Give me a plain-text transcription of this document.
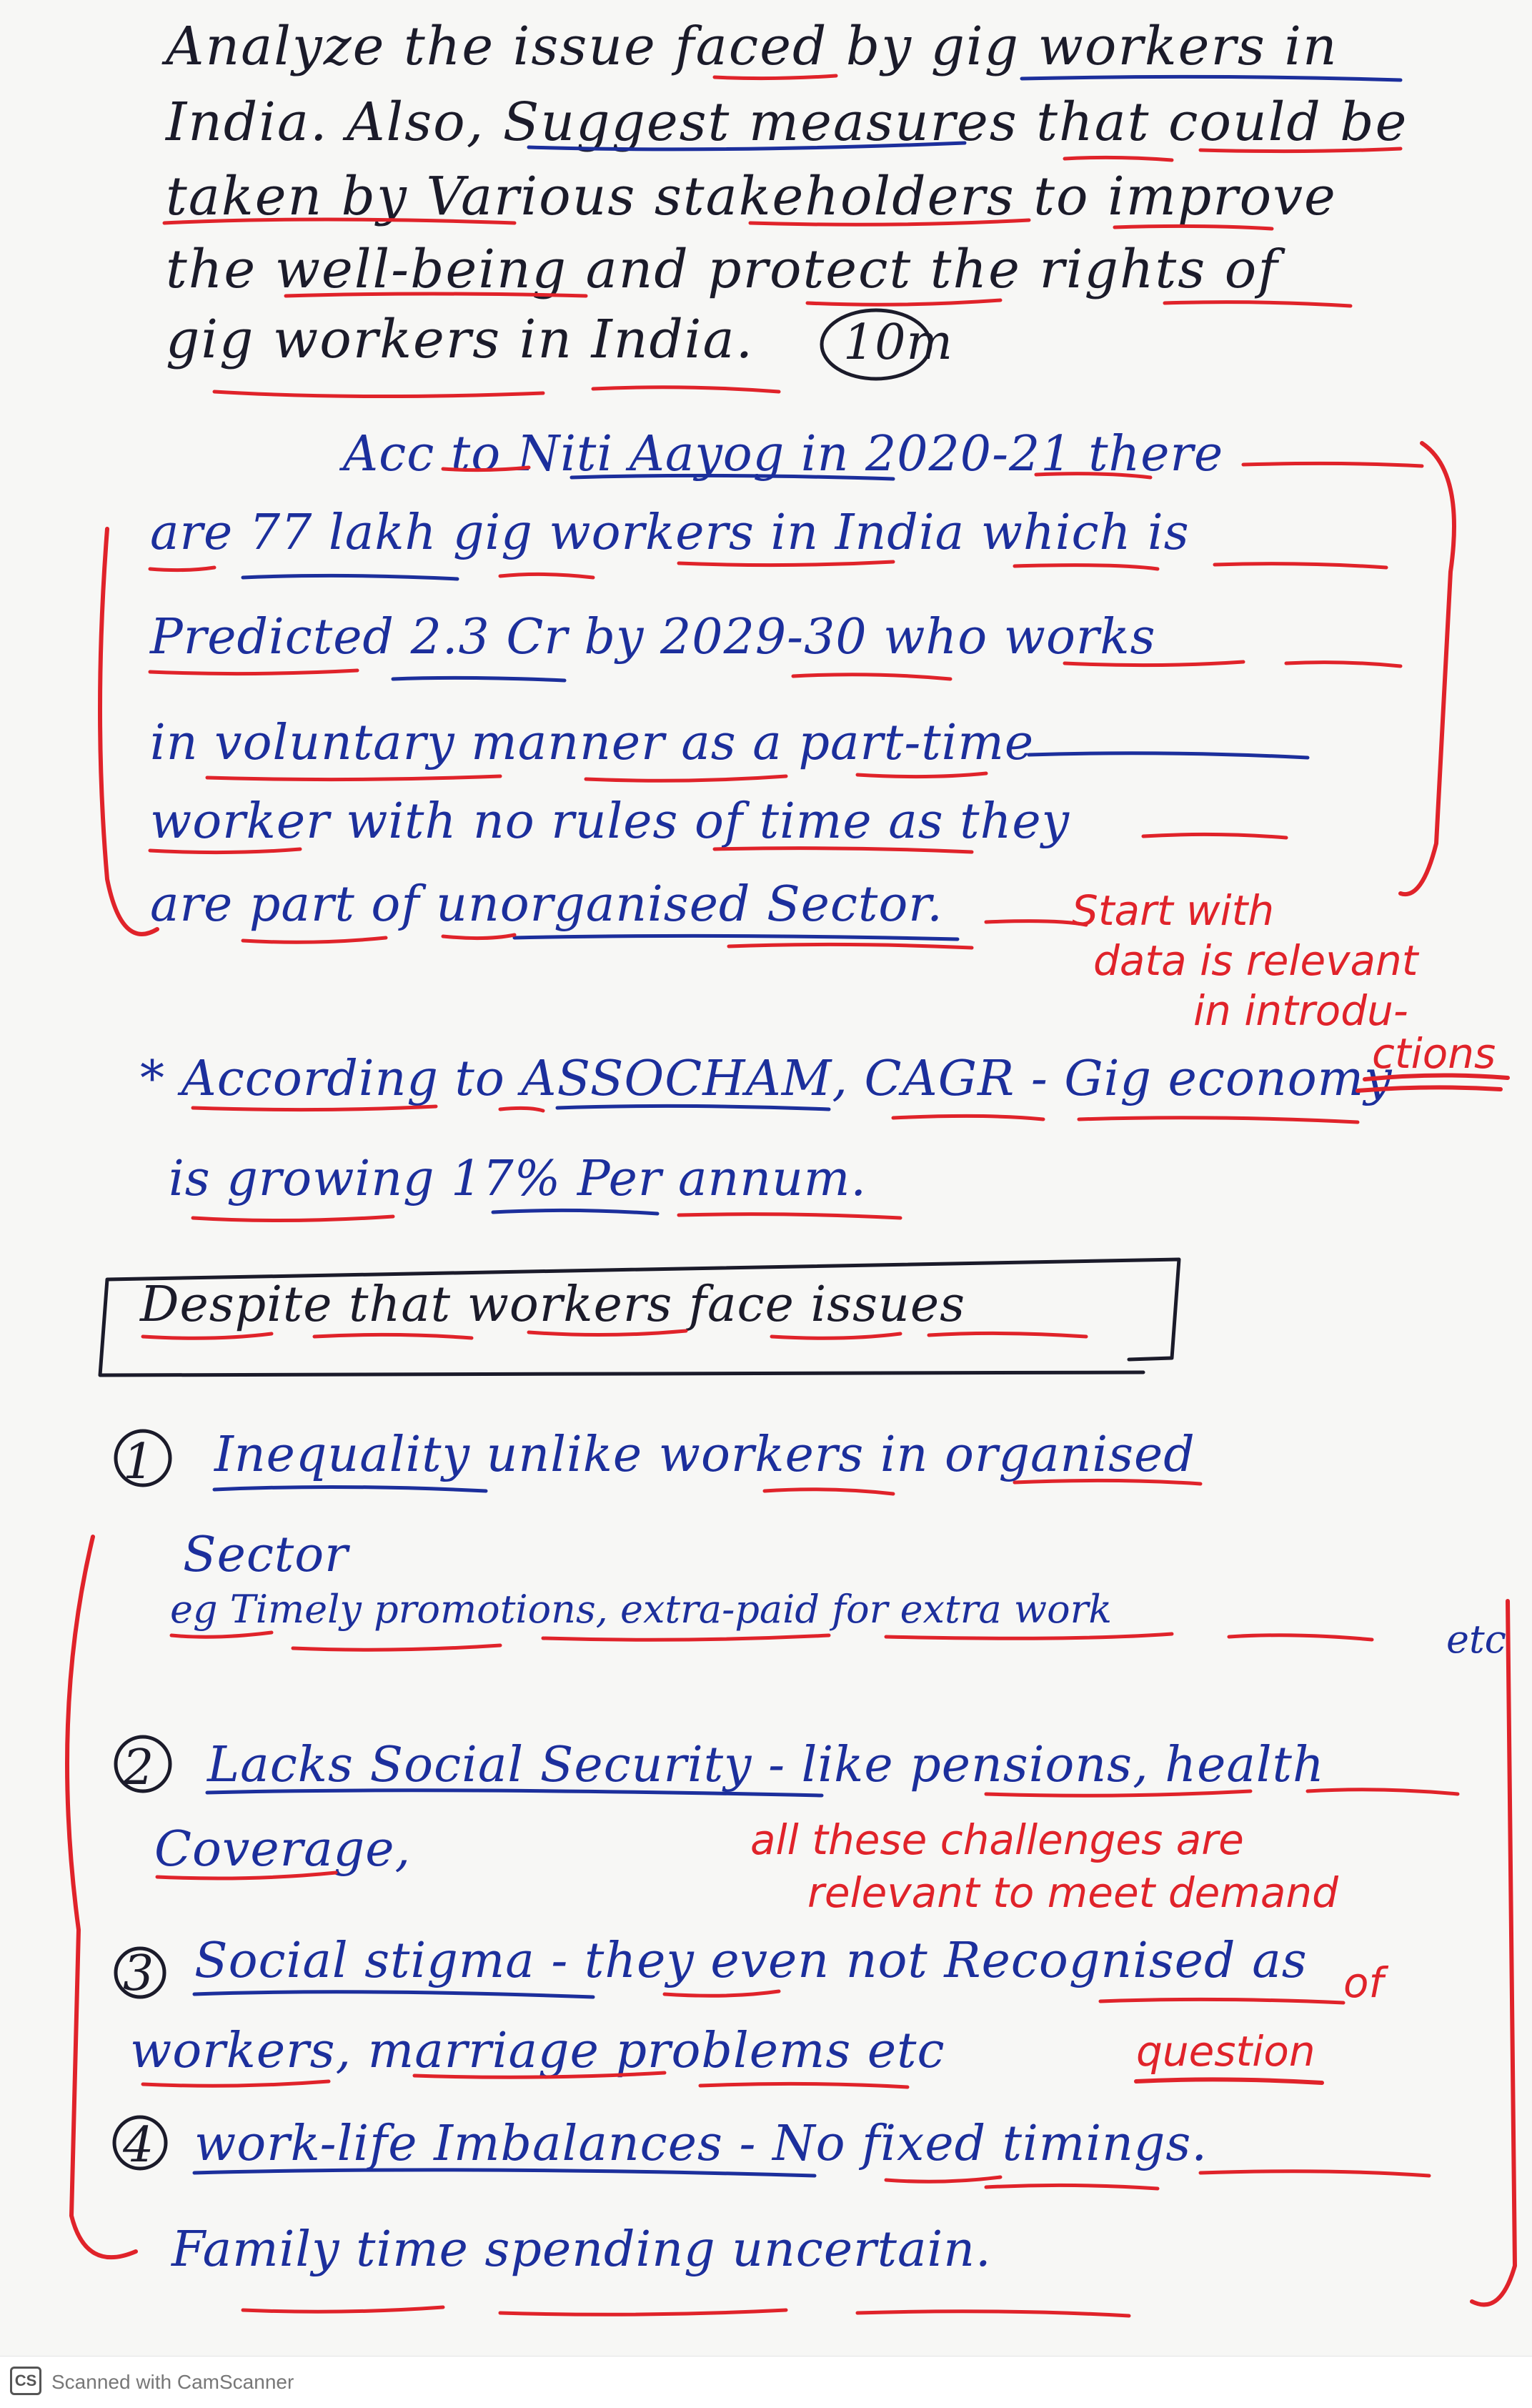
Analyze the issue faced by gig workers in
India. Also, Suggest measures that could be
taken by Various stakeholders to improve
the well-being and protect the rights of
gig workers in India. 10m
Acc to Niti Aayog in 2020-21 there
are 77 lakh gig workers in India which is
Predicted 2.3 Cr by 2029-30 who works
in voluntary manner as a part-time
worker with no rules of time as they
are part of unorganised Sector.	Start with
data is relevant
in introdu-
ctions
* According to ASSOCHAM, CAGR - Gig economy
is growing 17% Per annum.
Despite that workers face issues
1 Inequality unlike workers in organised
Sector
eg Timely promotions, extra-paid for extra work
etc
2 Lacks Social Security - like pensions, health
Coverage,	all these challenges are
relevant to meet demand
of
question
3 Social stigma - they even not Recognised as
workers, marriage problems etc
4 work-life Imbalances - No fixed timings.
Family time spending uncertain.
CS Scanned with CamScanner
